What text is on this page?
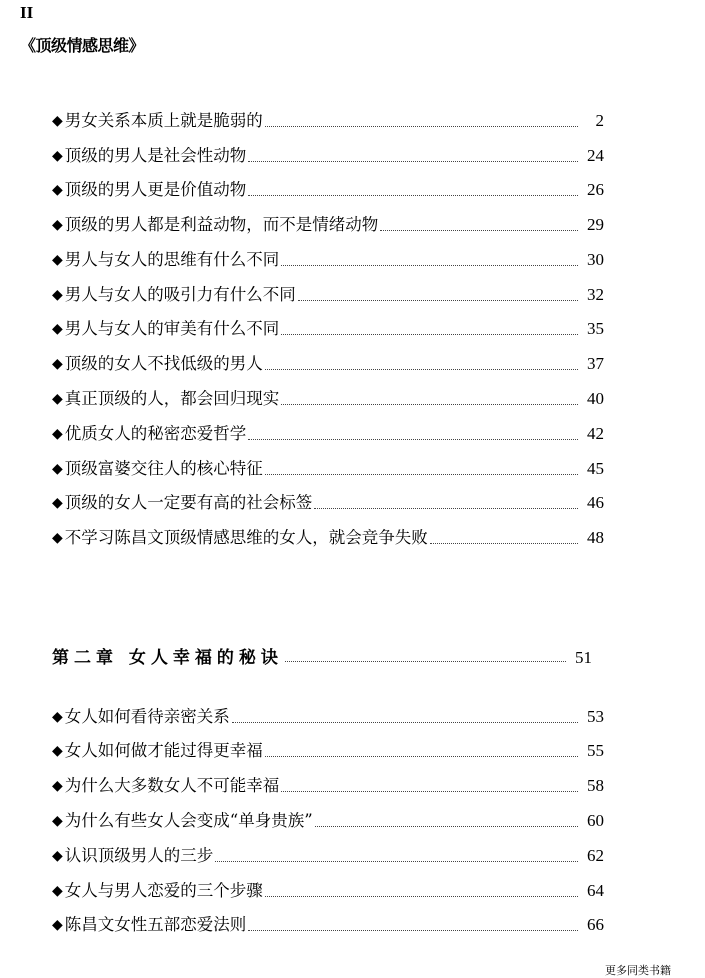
II
《顶级情感思维》
◆ 男女关系本质上就是脆弱的	2
◆ 顶级的男人是社会性动物	24
◆ 顶级的男人更是价值动物	26
◆ 顶级的男人都是利益动物，而不是情绪动物	29
◆ 男人与女人的思维有什么不同	30
◆ 男人与女人的吸引力有什么不同	32
◆ 男人与女人的审美有什么不同	35
◆ 顶级的女人不找低级的男人	37
◆ 真正顶级的人，都会回归现实	40
◆ 优质女人的秘密恋爱哲学	42
◆ 顶级富婆交往人的核心特征	45
◆ 顶级的女人一定要有高的社会标签	46
◆ 不学习陈昌文顶级情感思维的女人，就会竞争失败	48
第二章 女人幸福的秘诀	51
◆ 女人如何看待亲密关系	53
◆ 女人如何做才能过得更幸福	55
◆ 为什么大多数女人不可能幸福	58
◆ 为什么有些女人会变成“单身贵族”	60
◆ 认识顶级男人的三步	62
◆ 女人与男人恋爱的三个步骤	64
◆ 陈昌文女性五部恋爱法则	66
更多同类书籍
